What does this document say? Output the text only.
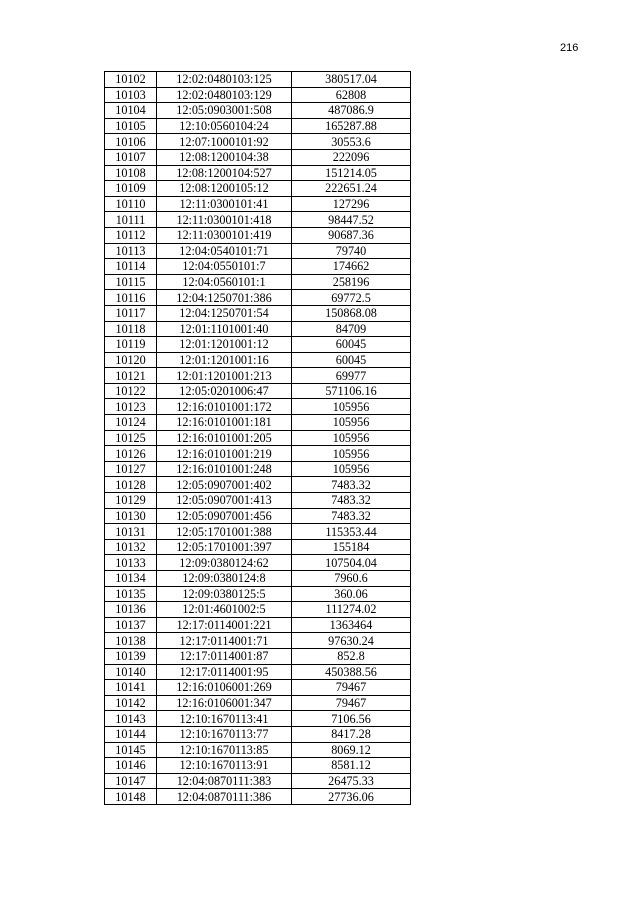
216
10102	12:02:0480103:125	380517.04
10103	12:02:0480103:129	62808
10104	12:05:0903001:508	487086.9
10105	12:10:0560104:24	165287.88
10106	12:07:1000101:92	30553.6
10107	12:08:1200104:38	222096
10108	12:08:1200104:527	151214.05
10109	12:08:1200105:12	222651.24
10110	12:11:0300101:41	127296
10111	12:11:0300101:418	98447.52
10112	12:11:0300101:419	90687.36
10113	12:04:0540101:71	79740
10114	12:04:0550101:7	174662
10115	12:04:0560101:1	258196
10116	12:04:1250701:386	69772.5
10117	12:04:1250701:54	150868.08
10118	12:01:1101001:40	84709
10119	12:01:1201001:12	60045
10120	12:01:1201001:16	60045
10121	12:01:1201001:213	69977
10122	12:05:0201006:47	571106.16
10123	12:16:0101001:172	105956
10124	12:16:0101001:181	105956
10125	12:16:0101001:205	105956
10126	12:16:0101001:219	105956
10127	12:16:0101001:248	105956
10128	12:05:0907001:402	7483.32
10129	12:05:0907001:413	7483.32
10130	12:05:0907001:456	7483.32
10131	12:05:1701001:388	115353.44
10132	12:05:1701001:397	155184
10133	12:09:0380124:62	107504.04
10134	12:09:0380124:8	7960.6
10135	12:09:0380125:5	360.06
10136	12:01:4601002:5	111274.02
10137	12:17:0114001:221	1363464
10138	12:17:0114001:71	97630.24
10139	12:17:0114001:87	852.8
10140	12:17:0114001:95	450388.56
10141	12:16:0106001:269	79467
10142	12:16:0106001:347	79467
10143	12:10:1670113:41	7106.56
10144	12:10:1670113:77	8417.28
10145	12:10:1670113:85	8069.12
10146	12:10:1670113:91	8581.12
10147	12:04:0870111:383	26475.33
10148	12:04:0870111:386	27736.06
